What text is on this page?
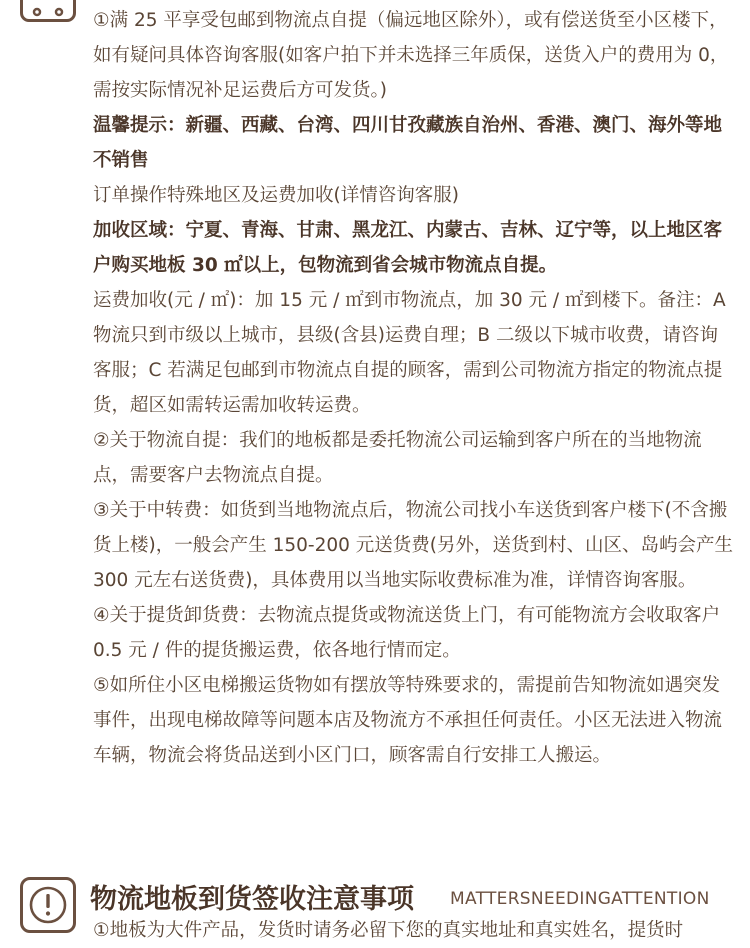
①满 25 平享受包邮到物流点自提（偏远地区除外），或有偿送货至小区楼下，如有疑问具体咨询客服(如客户拍下并未选择三年质保，送货入户的费用为 0，需按实际情况补足运费后方可发货。)

温馨提示：新疆、西藏、台湾、四川甘孜藏族自治州、香港、澳门、海外等地不销售

订单操作特殊地区及运费加收(详情咨询客服)

加收区域：宁夏、青海、甘肃、黑龙江、内蒙古、吉林、辽宁等，以上地区客户购买地板 30 ㎡以上，包物流到省会城市物流点自提。

运费加收(元 / ㎡)：加 15 元 / ㎡到市物流点，加 30 元 / ㎡到楼下。备注：A 物流只到市级以上城市，县级(含县)运费自理；B 二级以下城市收费，请咨询客服；C 若满足包邮到市物流点自提的顾客，需到公司物流方指定的物流点提货，超区如需转运需加收转运费。

②关于物流自提：我们的地板都是委托物流公司运输到客户所在的当地物流点，需要客户去物流点自提。

③关于中转费：如货到当地物流点后，物流公司找小车送货到客户楼下(不含搬货上楼)，一般会产生 150-200 元送货费(另外，送货到村、山区、岛屿会产生 300 元左右送货费)，具体费用以当地实际收费标准为准，详情咨询客服。

④关于提货卸货费：去物流点提货或物流送货上门，有可能物流方会收取客户 0.5 元 / 件的提货搬运费，依各地行情而定。

⑤如所住小区电梯搬运货物如有摆放等特殊要求的，需提前告知物流如遇突发事件，出现电梯故障等问题本店及物流方不承担任何责任。小区无法进入物流车辆，物流会将货品送到小区门口，顾客需自行安排工人搬运。

物流地板到货签收注意事项 MATTERSNEEDINGATTENTION
①地板为大件产品，发货时请务必留下您的真实地址和真实姓名，提货时
